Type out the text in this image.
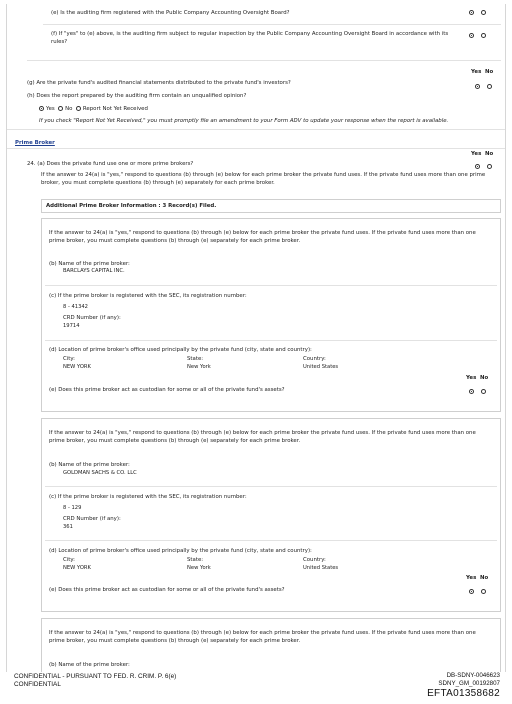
(e) Is the auditing firm registered with the Public Company Accounting Oversight Board?
(f) If "yes" to (e) above, is the auditing firm subject to regular inspection by the Public Company Accounting Oversight Board in accordance with its rules?
Yes No
(g) Are the private fund's audited financial statements distributed to the private fund's investors?
(h) Does the report prepared by the auditing firm contain an unqualified opinion?
Yes No Report Not Yet Received
If you check "Report Not Yet Received," you must promptly file an amendment to your Form ADV to update your response when the report is available.
Prime Broker
Yes No
24. (a) Does the private fund use one or more prime brokers?
If the answer to 24(a) is "yes," respond to questions (b) through (e) below for each prime broker the private fund uses. If the private fund uses more than one prime broker, you must complete questions (b) through (e) separately for each prime broker.
Additional Prime Broker Information : 3 Record(s) Filed.
If the answer to 24(a) is "yes," respond to questions (b) through (e) below for each prime broker the private fund uses. If the private fund uses more than one prime broker, you must complete questions (b) through (e) separately for each prime broker.
(b) Name of the prime broker:
BARCLAYS CAPITAL INC.
(c) If the prime broker is registered with the SEC, its registration number:
8 - 41342
CRD Number (if any):
19714
(d) Location of prime broker's office used principally by the private fund (city, state and country):
City:	State:	Country:
NEW YORK	New York	United States
Yes No
(e) Does this prime broker act as custodian for some or all of the private fund's assets?
If the answer to 24(a) is "yes," respond to questions (b) through (e) below for each prime broker the private fund uses. If the private fund uses more than one prime broker, you must complete questions (b) through (e) separately for each prime broker.
(b) Name of the prime broker:
GOLDMAN SACHS & CO. LLC
(c) If the prime broker is registered with the SEC, its registration number:
8 - 129
CRD Number (if any):
361
(d) Location of prime broker's office used principally by the private fund (city, state and country):
City:	State:	Country:
NEW YORK	New York	United States
Yes No
(e) Does this prime broker act as custodian for some or all of the private fund's assets?
If the answer to 24(a) is "yes," respond to questions (b) through (e) below for each prime broker the private fund uses. If the private fund uses more than one prime broker, you must complete questions (b) through (e) separately for each prime broker.
(b) Name of the prime broker:
CONFIDENTIAL - PURSUANT TO FED. R. CRIM. P. 6(e)
CONFIDENTIAL
DB-SDNY-0046623
SDNY_GM_00192807
EFTA01358682
